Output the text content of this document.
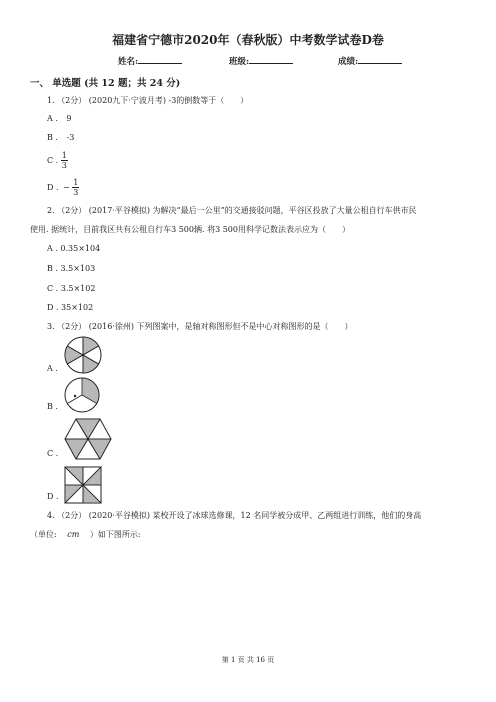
福建省宁德市2020年（春秋版）中考数学试卷D卷
姓名:	班级:	成绩:
一、 单选题 (共 12 题；共 24 分)
1. （2分） (2020九下·宁波月考) -3的倒数等于（　　）
A . 9
B . -3
C . $\frac{1}{3}$
D . − $\frac{1}{3}$
2. （2分） (2017·平谷模拟) 为解决“最后一公里”的交通接驳问题，平谷区投放了大量公租自行车供市民
使用. 据统计，目前我区共有公租自行车3 500辆. 将3 500用科学记数法表示应为（　　）
A . 0.35×104
B . 3.5×103
C . 3.5×102
D . 35×102
3. （2分） (2016·徐州) 下列图案中，是轴对称图形但不是中心对称图形的是（　　）
A .
B .
C .
D .
4. （2分） (2020·平谷模拟) 某校开设了冰球选修课，12 名同学被分成甲、乙两组进行训练，他们的身高
（单位: cm ）如下图所示:
第 1 页 共 16 页
